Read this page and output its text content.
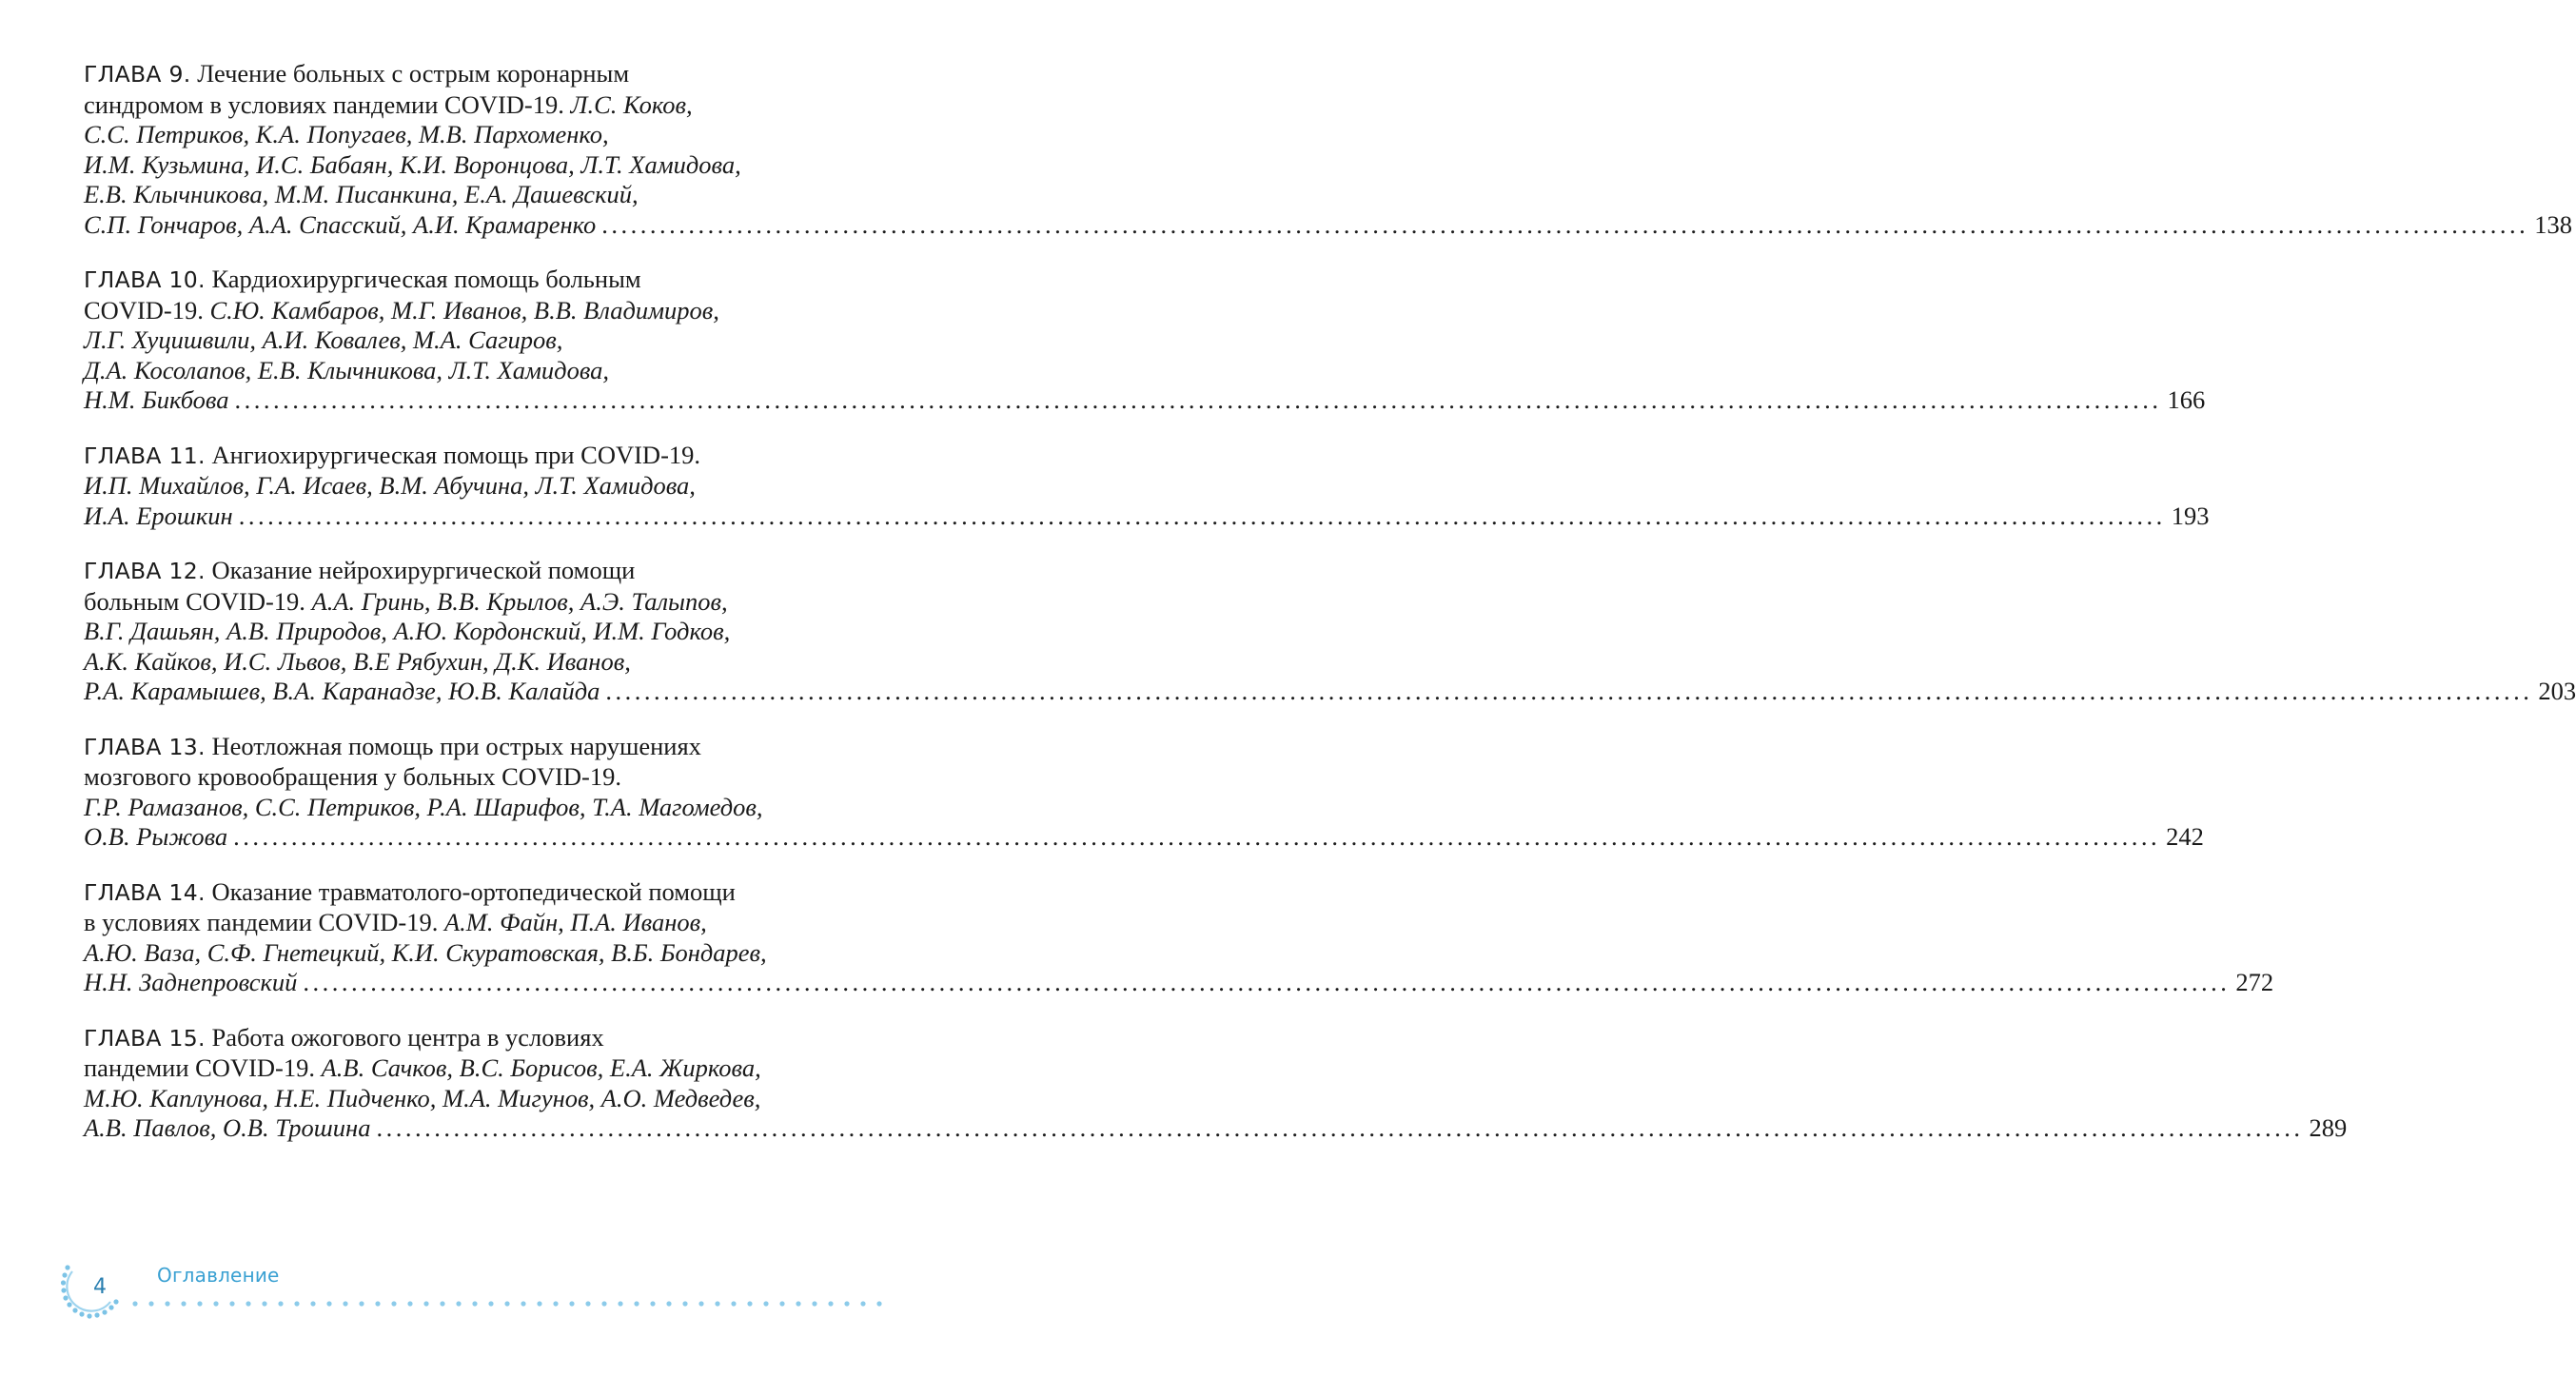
ГЛАВА 9. Лечение больных с острым коронарным
синдромом в условиях пандемии COVID-19. Л.С. Коков,
С.С. Петриков, К.А. Попугаев, М.В. Пархоменко,
И.М. Кузьмина, И.С. Бабаян, К.И. Воронцова, Л.Т. Хамидова,
Е.В. Клычникова, М.М. Писанкина, Е.А. Дашевский,
С.П. Гончаров, А.А. Спасский, А.И. Крамаренко ........................................................................................................................................................................................................ 138
ГЛАВА 10. Кардиохирургическая помощь больным
COVID-19. С.Ю. Камбаров, М.Г. Иванов, В.В. Владимиров,
Л.Г. Хуцишвили, А.И. Ковалев, М.А. Сагиров,
Д.А. Косолапов, Е.В. Клычникова, Л.Т. Хамидова,
Н.М. Бикбова ........................................................................................................................................................................................................ 166
ГЛАВА 11. Ангиохирургическая помощь при COVID-19.
И.П. Михайлов, Г.А. Исаев, В.М. Абучина, Л.Т. Хамидова,
И.А. Ерошкин ........................................................................................................................................................................................................ 193
ГЛАВА 12. Оказание нейрохирургической помощи
больным COVID-19. А.А. Гринь, В.В. Крылов, А.Э. Талыпов,
В.Г. Дашьян, А.В. Природов, А.Ю. Кордонский, И.М. Годков,
А.К. Кайков, И.С. Львов, В.Е Рябухин, Д.К. Иванов,
Р.А. Карамышев, В.А. Каранадзе, Ю.В. Калайда ........................................................................................................................................................................................................ 203
ГЛАВА 13. Неотложная помощь при острых нарушениях
мозгового кровообращения у больных COVID-19.
Г.Р. Рамазанов, С.С. Петриков, Р.А. Шарифов, Т.А. Магомедов,
О.В. Рыжова ........................................................................................................................................................................................................ 242
ГЛАВА 14. Оказание травматолого-ортопедической помощи
в условиях пандемии COVID-19. А.М. Файн, П.А. Иванов,
А.Ю. Ваза, С.Ф. Гнетецкий, К.И. Скуратовская, В.Б. Бондарев,
Н.Н. Заднепровский ........................................................................................................................................................................................................ 272
ГЛАВА 15. Работа ожогового центра в условиях
пандемии COVID-19. А.В. Сачков, В.С. Борисов, Е.А. Жиркова,
М.Ю. Каплунова, Н.Е. Пидченко, М.А. Мигунов, А.О. Медведев,
А.В. Павлов, О.В. Трошина ........................................................................................................................................................................................................ 289
4	Оглавление
